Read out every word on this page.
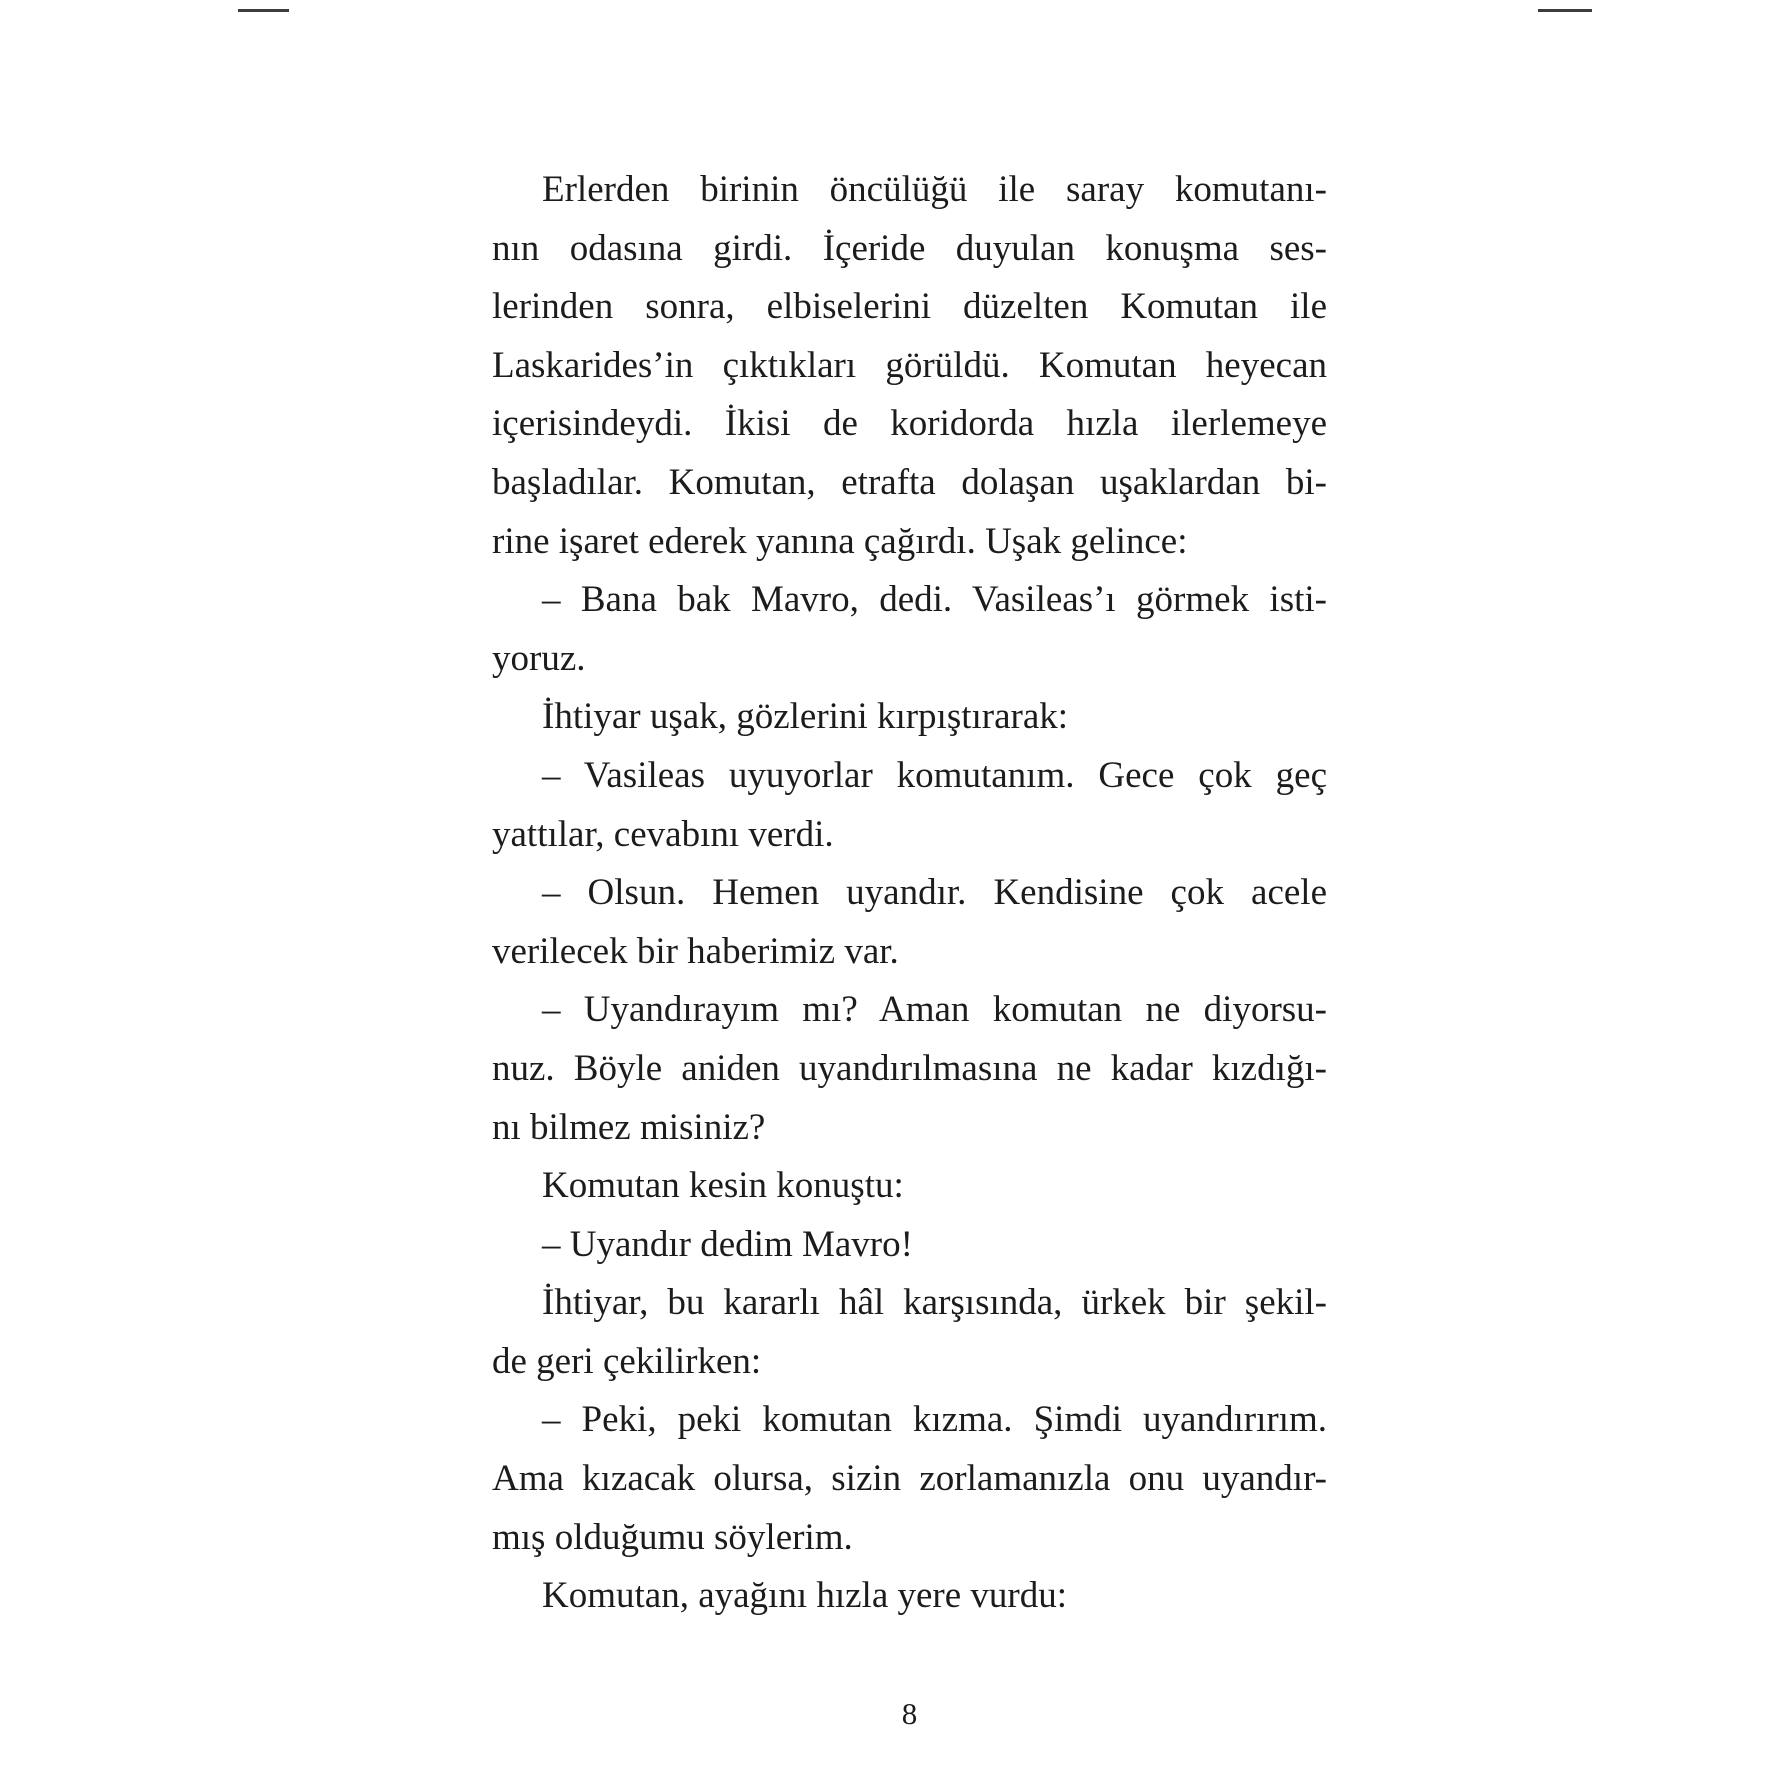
Erlerden birinin öncülüğü ile saray komutanı-
nın odasına girdi. İçeride duyulan konuşma ses-
lerinden sonra, elbiselerini düzelten Komutan ile
Laskarides’in çıktıkları görüldü. Komutan heyecan
içerisindeydi. İkisi de koridorda hızla ilerlemeye
başladılar. Komutan, etrafta dolaşan uşaklardan bi-
rine işaret ederek yanına çağırdı. Uşak gelince:
– Bana bak Mavro, dedi. Vasileas’ı görmek isti-
yoruz.
İhtiyar uşak, gözlerini kırpıştırarak:
– Vasileas uyuyorlar komutanım. Gece çok geç
yattılar, cevabını verdi.
– Olsun. Hemen uyandır. Kendisine çok acele
verilecek bir haberimiz var.
– Uyandırayım mı? Aman komutan ne diyorsu-
nuz. Böyle aniden uyandırılmasına ne kadar kızdığı-
nı bilmez misiniz?
Komutan kesin konuştu:
– Uyandır dedim Mavro!
İhtiyar, bu kararlı hâl karşısında, ürkek bir şekil-
de geri çekilirken:
– Peki, peki komutan kızma. Şimdi uyandırırım.
Ama kızacak olursa, sizin zorlamanızla onu uyandır-
mış olduğumu söylerim.
Komutan, ayağını hızla yere vurdu:
8
